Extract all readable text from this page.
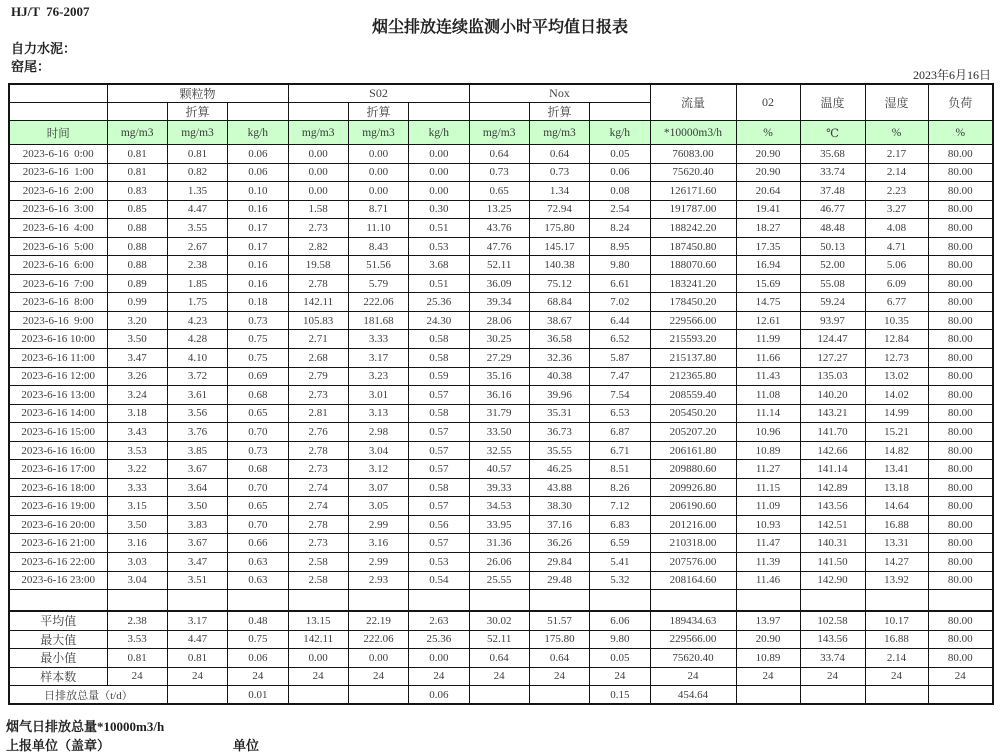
HJ/T  76-2007
烟尘排放连续监测小时平均值日报表
自力水泥：
窑尾：
2023年6月16日
	颗粒物			S02			Nox			流量	02	温度	湿度	负荷
		折算			折算			折算						
时间	mg/m3	mg/m3	kg/h	mg/m3	mg/m3	kg/h	mg/m3	mg/m3	kg/h	*10000m3/h	%	℃	%	%
2023-6-16  0:00	0.81	0.81	0.06	0.00	0.00	0.00	0.64	0.64	0.05	76083.00	20.90	35.68	2.17	80.00
2023-6-16  1:00	0.81	0.82	0.06	0.00	0.00	0.00	0.73	0.73	0.06	75620.40	20.90	33.74	2.14	80.00
2023-6-16  2:00	0.83	1.35	0.10	0.00	0.00	0.00	0.65	1.34	0.08	126171.60	20.64	37.48	2.23	80.00
2023-6-16  3:00	0.85	4.47	0.16	1.58	8.71	0.30	13.25	72.94	2.54	191787.00	19.41	46.77	3.27	80.00
2023-6-16  4:00	0.88	3.55	0.17	2.73	11.10	0.51	43.76	175.80	8.24	188242.20	18.27	48.48	4.08	80.00
2023-6-16  5:00	0.88	2.67	0.17	2.82	8.43	0.53	47.76	145.17	8.95	187450.80	17.35	50.13	4.71	80.00
2023-6-16  6:00	0.88	2.38	0.16	19.58	51.56	3.68	52.11	140.38	9.80	188070.60	16.94	52.00	5.06	80.00
2023-6-16  7:00	0.89	1.85	0.16	2.78	5.79	0.51	36.09	75.12	6.61	183241.20	15.69	55.08	6.09	80.00
2023-6-16  8:00	0.99	1.75	0.18	142.11	222.06	25.36	39.34	68.84	7.02	178450.20	14.75	59.24	6.77	80.00
2023-6-16  9:00	3.20	4.23	0.73	105.83	181.68	24.30	28.06	38.67	6.44	229566.00	12.61	93.97	10.35	80.00
2023-6-16 10:00	3.50	4.28	0.75	2.71	3.33	0.58	30.25	36.58	6.52	215593.20	11.99	124.47	12.84	80.00
2023-6-16 11:00	3.47	4.10	0.75	2.68	3.17	0.58	27.29	32.36	5.87	215137.80	11.66	127.27	12.73	80.00
2023-6-16 12:00	3.26	3.72	0.69	2.79	3.23	0.59	35.16	40.38	7.47	212365.80	11.43	135.03	13.02	80.00
2023-6-16 13:00	3.24	3.61	0.68	2.73	3.01	0.57	36.16	39.96	7.54	208559.40	11.08	140.20	14.02	80.00
2023-6-16 14:00	3.18	3.56	0.65	2.81	3.13	0.58	31.79	35.31	6.53	205450.20	11.14	143.21	14.99	80.00
2023-6-16 15:00	3.43	3.76	0.70	2.76	2.98	0.57	33.50	36.73	6.87	205207.20	10.96	141.70	15.21	80.00
2023-6-16 16:00	3.53	3.85	0.73	2.78	3.04	0.57	32.55	35.55	6.71	206161.80	10.89	142.66	14.82	80.00
2023-6-16 17:00	3.22	3.67	0.68	2.73	3.12	0.57	40.57	46.25	8.51	209880.60	11.27	141.14	13.41	80.00
2023-6-16 18:00	3.33	3.64	0.70	2.74	3.07	0.58	39.33	43.88	8.26	209926.80	11.15	142.89	13.18	80.00
2023-6-16 19:00	3.15	3.50	0.65	2.74	3.05	0.57	34.53	38.30	7.12	206190.60	11.09	143.56	14.64	80.00
2023-6-16 20:00	3.50	3.83	0.70	2.78	2.99	0.56	33.95	37.16	6.83	201216.00	10.93	142.51	16.88	80.00
2023-6-16 21:00	3.16	3.67	0.66	2.73	3.16	0.57	31.36	36.26	6.59	210318.00	11.47	140.31	13.31	80.00
2023-6-16 22:00	3.03	3.47	0.63	2.58	2.99	0.53	26.06	29.84	5.41	207576.00	11.39	141.50	14.27	80.00
2023-6-16 23:00	3.04	3.51	0.63	2.58	2.93	0.54	25.55	29.48	5.32	208164.60	11.46	142.90	13.92	80.00

平均值	2.38	3.17	0.48	13.15	22.19	2.63	30.02	51.57	6.06	189434.63	13.97	102.58	10.17	80.00
最大值	3.53	4.47	0.75	142.11	222.06	25.36	52.11	175.80	9.80	229566.00	20.90	143.56	16.88	80.00
最小值	0.81	0.81	0.06	0.00	0.00	0.00	0.64	0.64	0.05	75620.40	10.89	33.74	2.14	80.00
样本数	24	24	24	24	24	24	24	24	24	24	24	24	24	24
日排放总量（t/d）			0.01			0.06			0.15	454.64				
烟气日排放总量*10000m3/h
上报单位（盖章）	单位
